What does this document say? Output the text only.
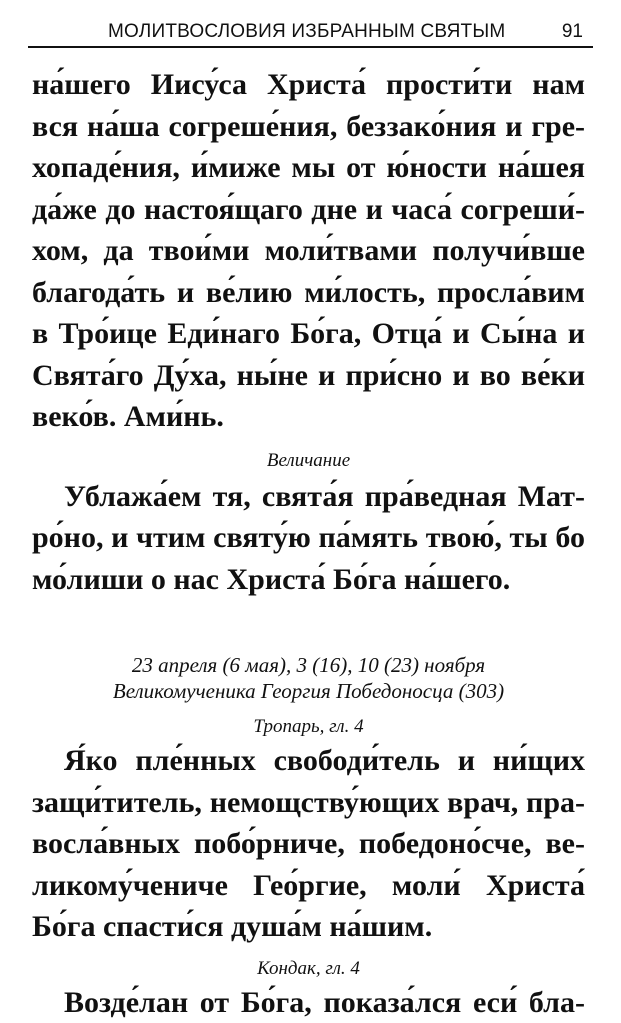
МОЛИТВОСЛОВИЯ ИЗБРАННЫМ СВЯТЫМ	91
на́шего Иису́са Христа́ прости́ти нам
вся на́ша согреше́ния, беззако́ния и гре-
хопаде́ния, и́миже мы от ю́ности на́шея
да́же до настоя́щаго дне и часа́ согреши́-
хом, да твои́ми моли́твами получи́вше
благода́ть и ве́лию ми́лость, просла́вим
в Тро́ице Еди́наго Бо́га, Отца́ и Сы́на и
Свята́го Ду́ха, ны́не и при́сно и во ве́ки
веко́в. Ами́нь.

Величание

Ублажа́ем тя, свята́я пра́ведная Мат-
ро́но, и чтим святу́ю па́мять твою́, ты бо
мо́лиши о нас Христа́ Бо́га на́шего.

23 апреля (6 мая), 3 (16), 10 (23) ноября

Великомученика Георгия Победоносца (303)

Тропарь, гл. 4

Я́ко пле́нных свободи́тель и ни́щих
защи́титель, немощству́ющих врач, пра-
воcла́вных побо́рниче, победоно́сче, ве-
ликому́чениче Гео́ргие, моли́ Христа́
Бо́га спасти́ся душа́м на́шим.

Кондак, гл. 4

Возде́лан от Бо́га, показа́лся еси́ бла-
